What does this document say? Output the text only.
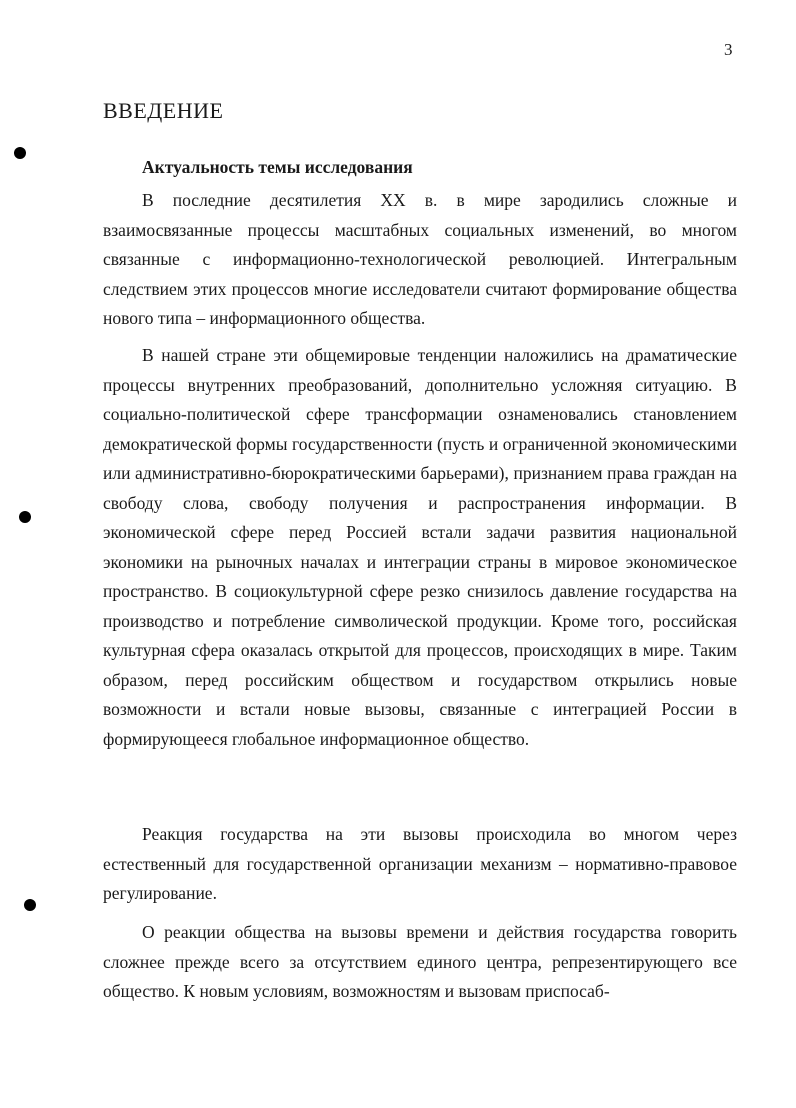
3
ВВЕДЕНИЕ
Актуальность темы исследования

В последние десятилетия XX в. в мире зародились сложные и взаимосвязанные процессы масштабных социальных изменений, во многом связанные с информационно-технологической революцией. Интегральным следствием этих процессов многие исследователи считают формирование общества нового типа – информационного общества.

В нашей стране эти общемировые тенденции наложились на драматические процессы внутренних преобразований, дополнительно усложняя ситуацию. В социально-политической сфере трансформации ознаменовались становлением демократической формы государственности (пусть и ограниченной экономическими или административно-бюрократическими барьерами), признанием права граждан на свободу слова, свободу получения и распространения информации. В экономической сфере перед Россией встали задачи развития национальной экономики на рыночных началах и интеграции страны в мировое экономическое пространство. В социокультурной сфере резко снизилось давление государства на производство и потребление символической продукции. Кроме того, российская культурная сфера оказалась открытой для процессов, происходящих в мире. Таким образом, перед российским обществом и государством открылись новые возможности и встали новые вызовы, связанные с интеграцией России в формирующееся глобальное информационное общество.

Реакция государства на эти вызовы происходила во многом через естественный для государственной организации механизм – нормативно-правовое регулирование.

О реакции общества на вызовы времени и действия государства говорить сложнее прежде всего за отсутствием единого центра, репрезентирующего все общество. К новым условиям, возможностям и вызовам приспосаб-
